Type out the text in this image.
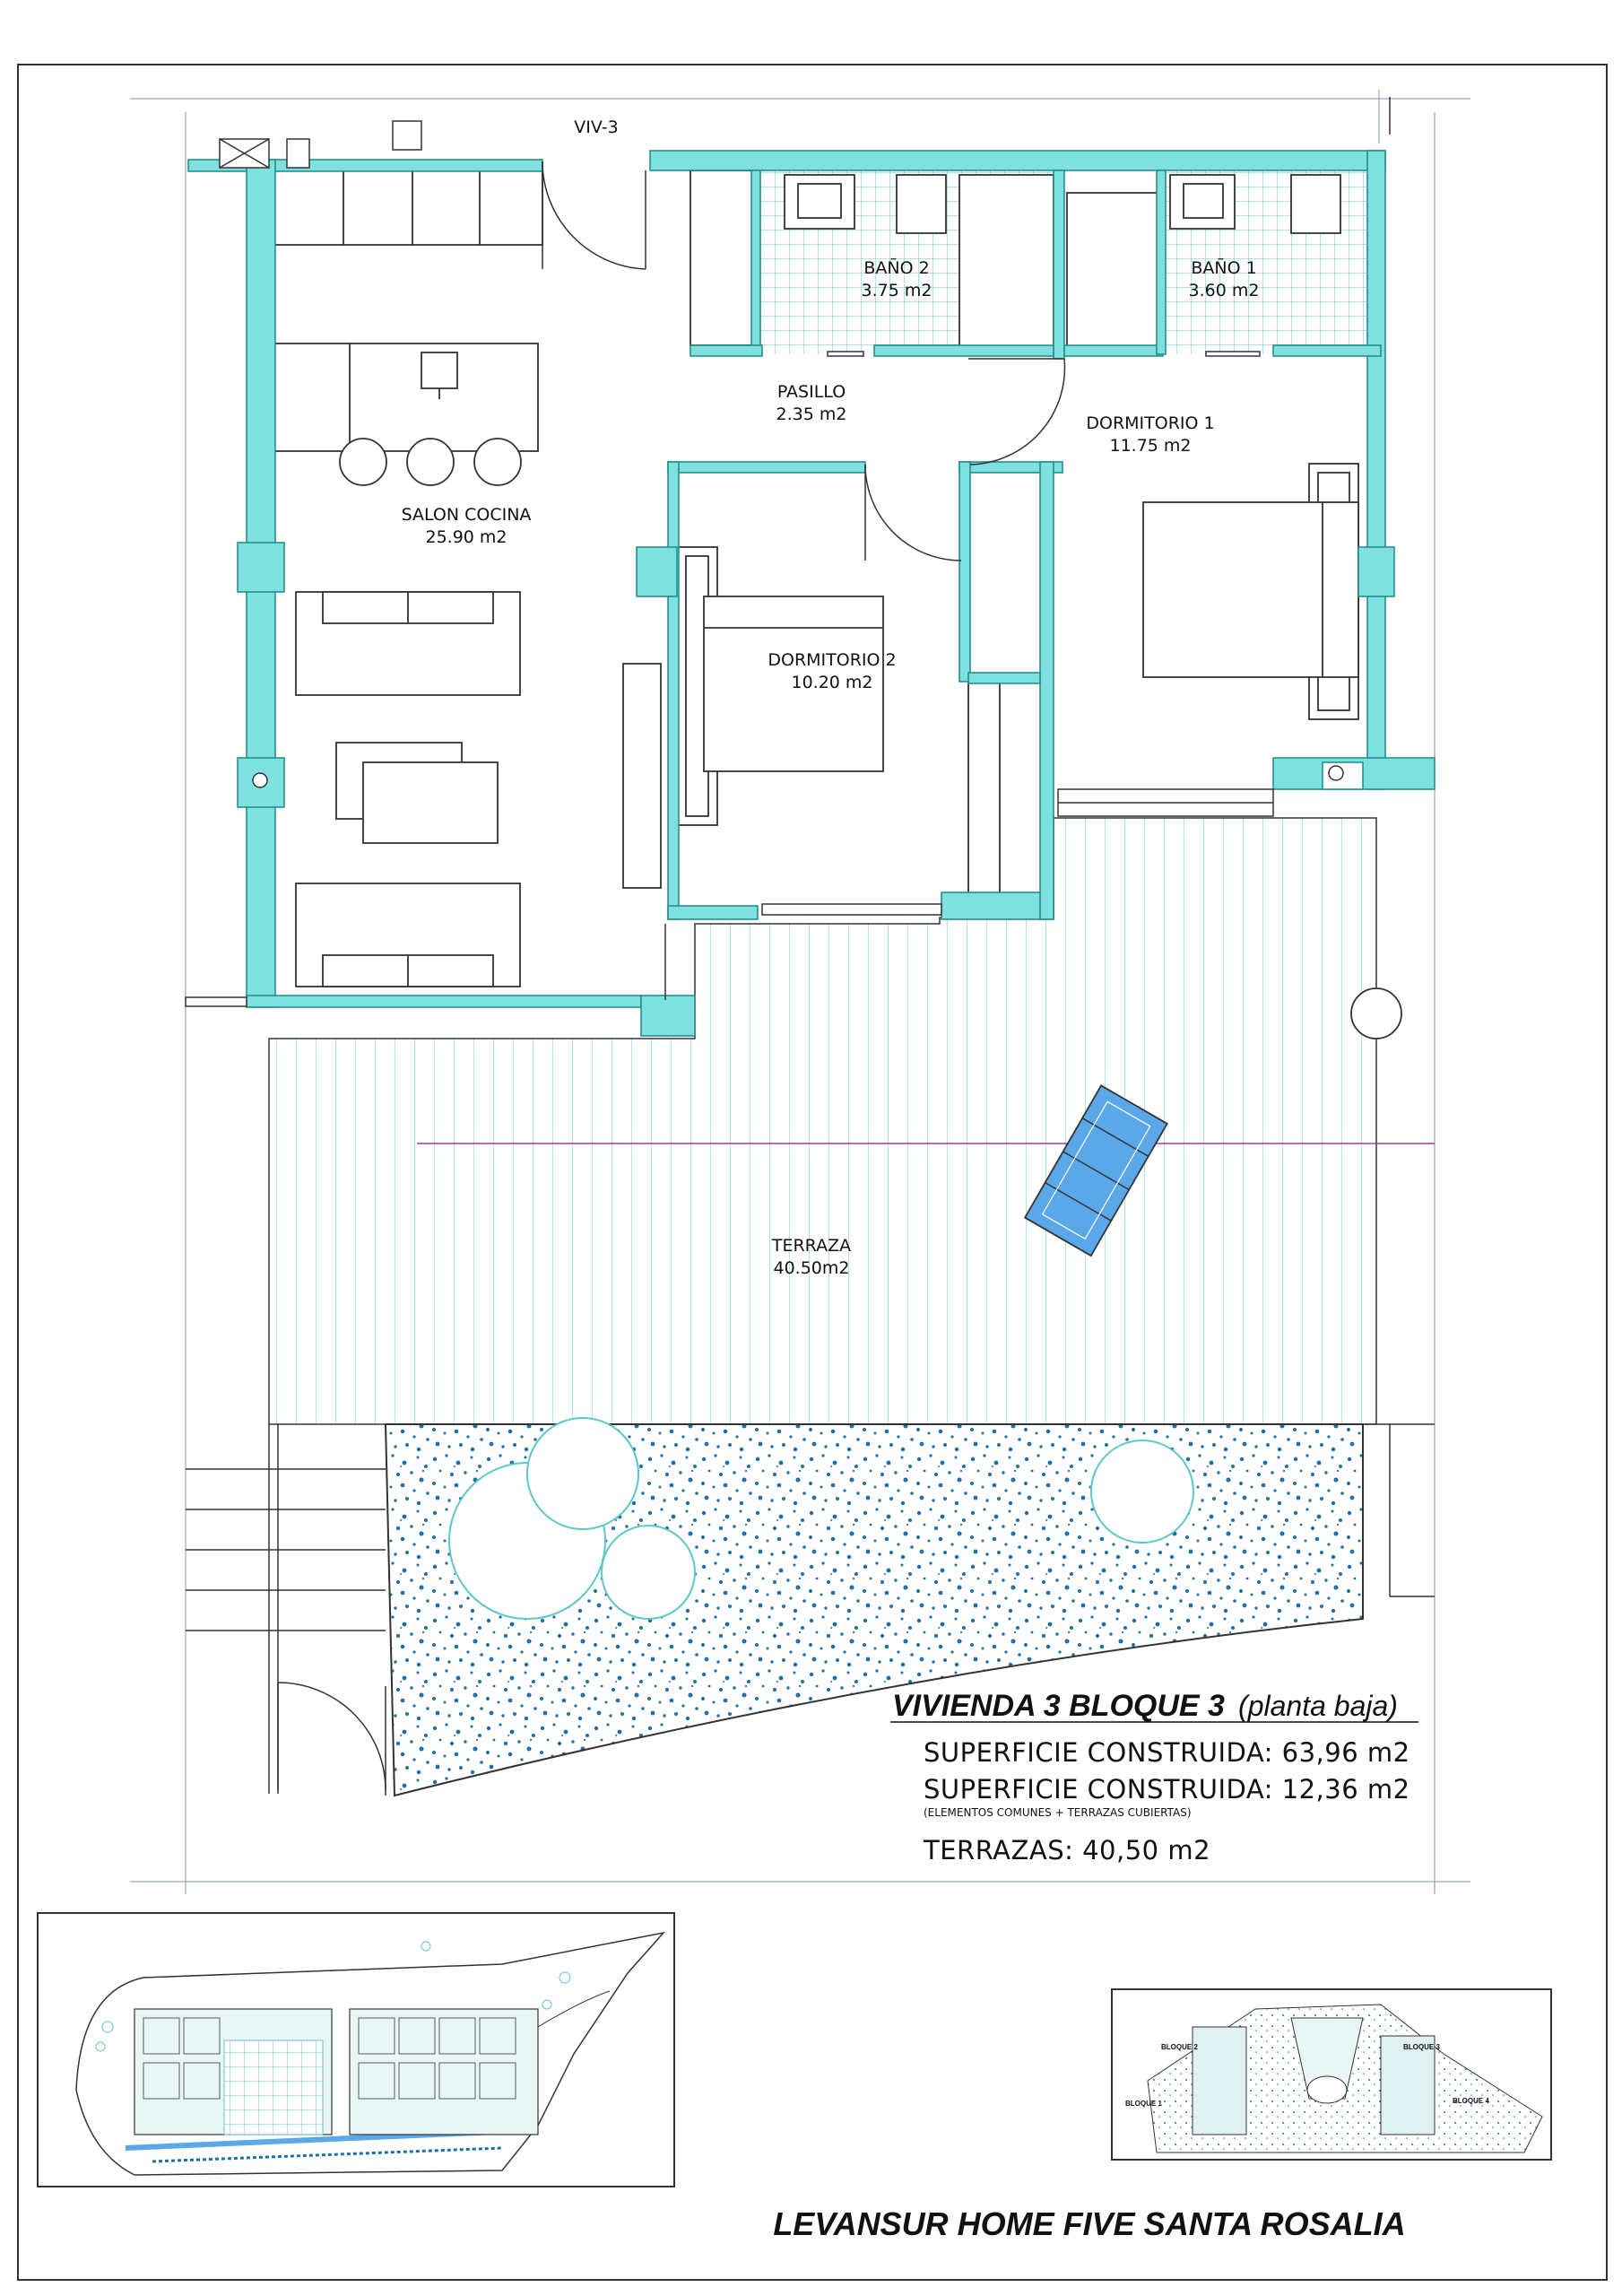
VIV-3
BAÑO 2
3.75 m2
BAÑO 1
3.60 m2
PASILLO
2.35 m2	DORMITORIO 1
11.75 m2
SALON COCINA
25.90 m2
DORMITORIO 2
10.20 m2
TERRAZA
40.50m2
VIVIENDA 3 BLOQUE 3 (planta baja)
SUPERFICIE CONSTRUIDA: 63,96 m2
SUPERFICIE CONSTRUIDA: 12,36 m2
(ELEMENTOS COMUNES + TERRAZAS CUBIERTAS)
TERRAZAS: 40,50 m2
BLOQUE 2	BLOQUE 3
BLOQUE 1	BLOQUE 4
LEVANSUR HOME FIVE SANTA ROSALIA
